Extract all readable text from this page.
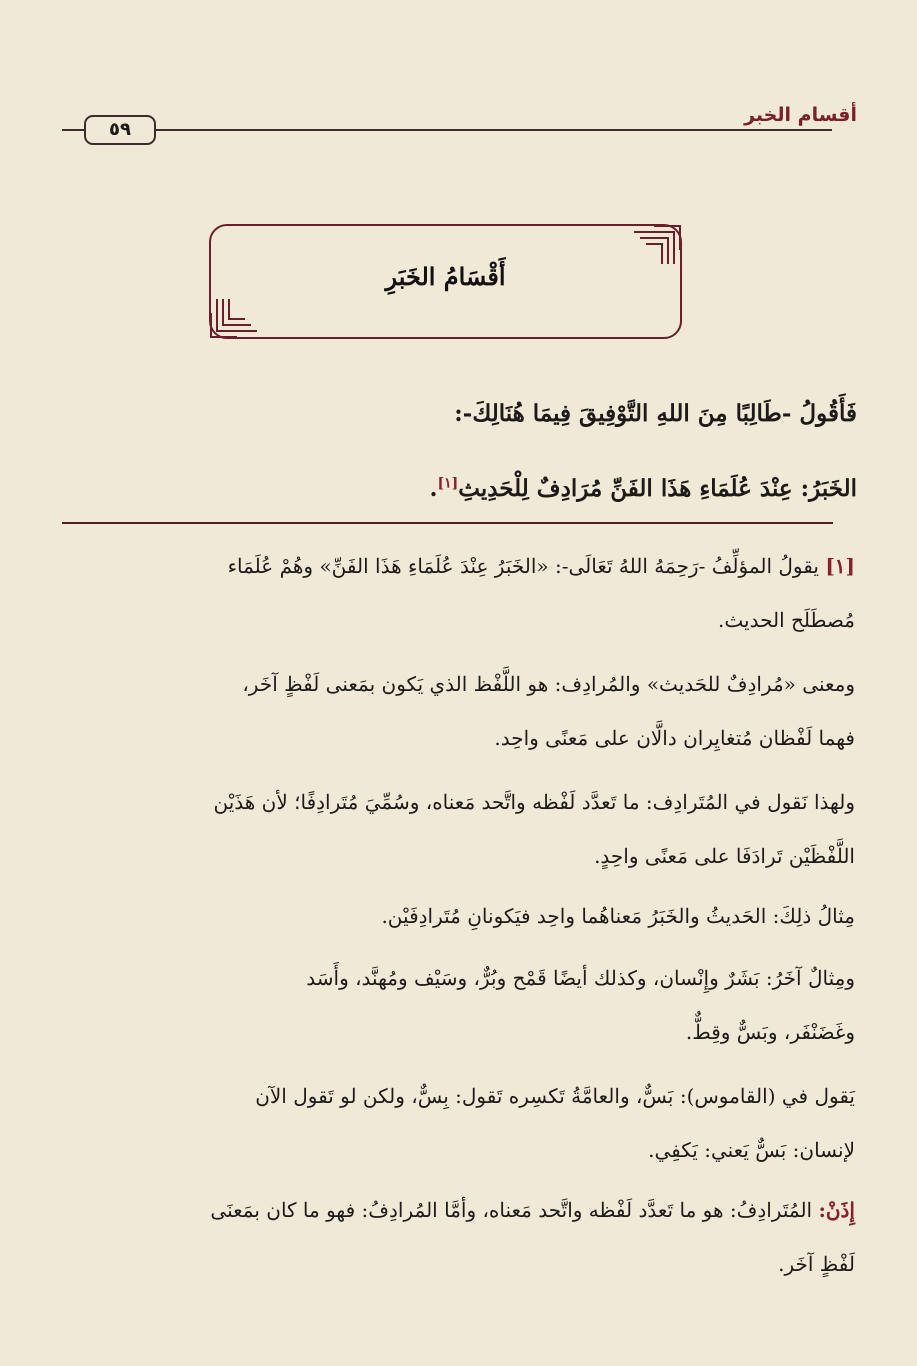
أقسام الخبر
٥٩
أَقْسَامُ الخَبَرِ
فَأَقُولُ -طَالِبًا مِنَ اللهِ التَّوْفِيقَ فِيمَا هُنَالِكَ-:
الخَبَرُ: عِنْدَ عُلَمَاءِ هَذَا الفَنِّ مُرَادِفٌ لِلْحَدِيثِ[١].
[١] يقولُ المؤلِّفُ -رَحِمَهُ اللهُ تَعَالَى-: «الخَبَرُ عِنْدَ عُلَمَاءِ هَذَا الفَنِّ» وهُمْ عُلَمَاء
مُصطَلَح الحديث.
ومعنى «مُرادِفٌ للحَديث» والمُرادِف: هو اللَّفْظ الذي يَكون بمَعنى لَفْظٍ آخَر،
فهما لَفْظان مُتغايِران دالَّان على مَعنًى واحِد.
ولهذا نَقول في المُتَرادِف: ما تَعدَّد لَفْظه واتَّحد مَعناه، وسُمِّيَ مُتَرادِفًا؛ لأن هَذَيْن
اللَّفْظَيْن تَرادَفَا على مَعنًى واحِدٍ.
مِثالُ ذلِكَ: الحَديثُ والخَبَرُ مَعناهُما واحِد فيَكونانِ مُتَرادِفَيْن.
ومِثالٌ آخَرُ: بَشَرٌ وإِنْسان، وكذلك أيضًا قَمْح وبُرٌّ، وسَيْف ومُهنَّد، وأَسَد
وغَضَنْفَر، وبَسٌّ وقِطٌّ.
يَقول في (القاموس): بَسٌّ، والعامَّةُ تَكسِره تَقول: بِسٌّ، ولكن لو تَقول الآن
لإنسان: بَسٌّ يَعني: يَكفِي.
إِذَنْ: المُتَرادِفُ: هو ما تَعدَّد لَفْظه واتَّحد مَعناه، وأمَّا المُرادِفُ: فهو ما كان بمَعنَى
لَفْظٍ آخَر.
